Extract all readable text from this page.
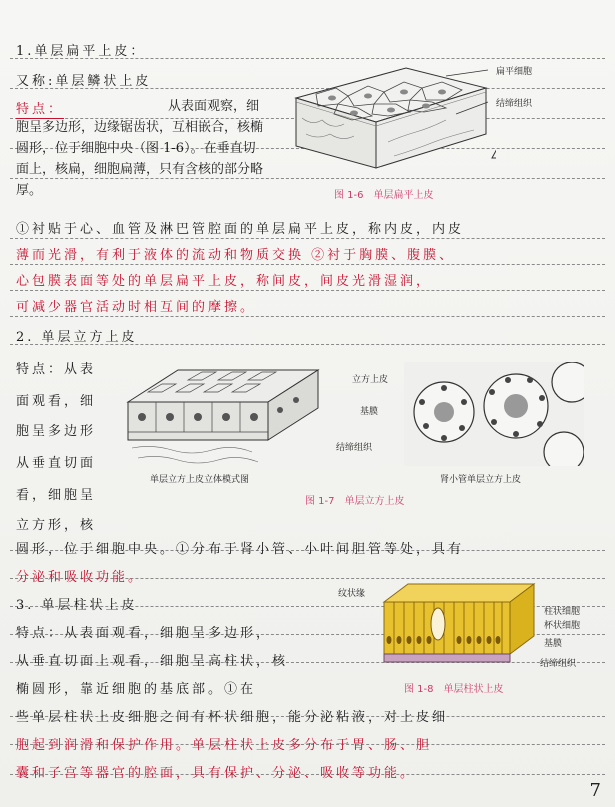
1.单层扁平上皮：
又称:单层鳞状上皮
特点：	从表面观察，细胞呈多边形，边缘锯齿状，互相嵌合，核椭圆形，位于细胞中央（图 1-6）。在垂直切面上，核扁，细胞扁薄，只有含核的部分略厚。
扁平细胞
结缔组织
图 1-6　单层扁平上皮
①衬贴于心、血管及淋巴管腔面的单层扁平上皮，称内皮，内皮
薄而光滑，有利于液体的流动和物质交换 ②衬于胸膜、腹膜、
心包膜表面等处的单层扁平上皮，称间皮，间皮光滑湿润，
可减少器官活动时相互间的摩擦。
2. 单层立方上皮
特点：从表
面观看，细
胞呈多边形
从垂直切面
看，细胞呈
立方形，核
立方上皮
基膜
结缔组织
单层立方上皮立体模式图	肾小管单层立方上皮
图 1-7　单层立方上皮
圆形，位于细胞中央。①分布于肾小管、小叶间胆管等处，具有
分泌和吸收功能。
3. 单层柱状上皮
特点：从表面观看，细胞呈多边形，
从垂直切面上观看，细胞呈高柱状，核
椭圆形，靠近细胞的基底部。①在
纹状缘
柱状细胞
杯状细胞
基膜
结缔组织
图 1-8　单层柱状上皮
些单层柱状上皮细胞之间有杯状细胞，能分泌粘液，对上皮细
胞起到润滑和保护作用。单层柱状上皮多分布于胃、肠、胆
囊和子宫等器官的腔面，具有保护、分泌、吸收等功能。
7
